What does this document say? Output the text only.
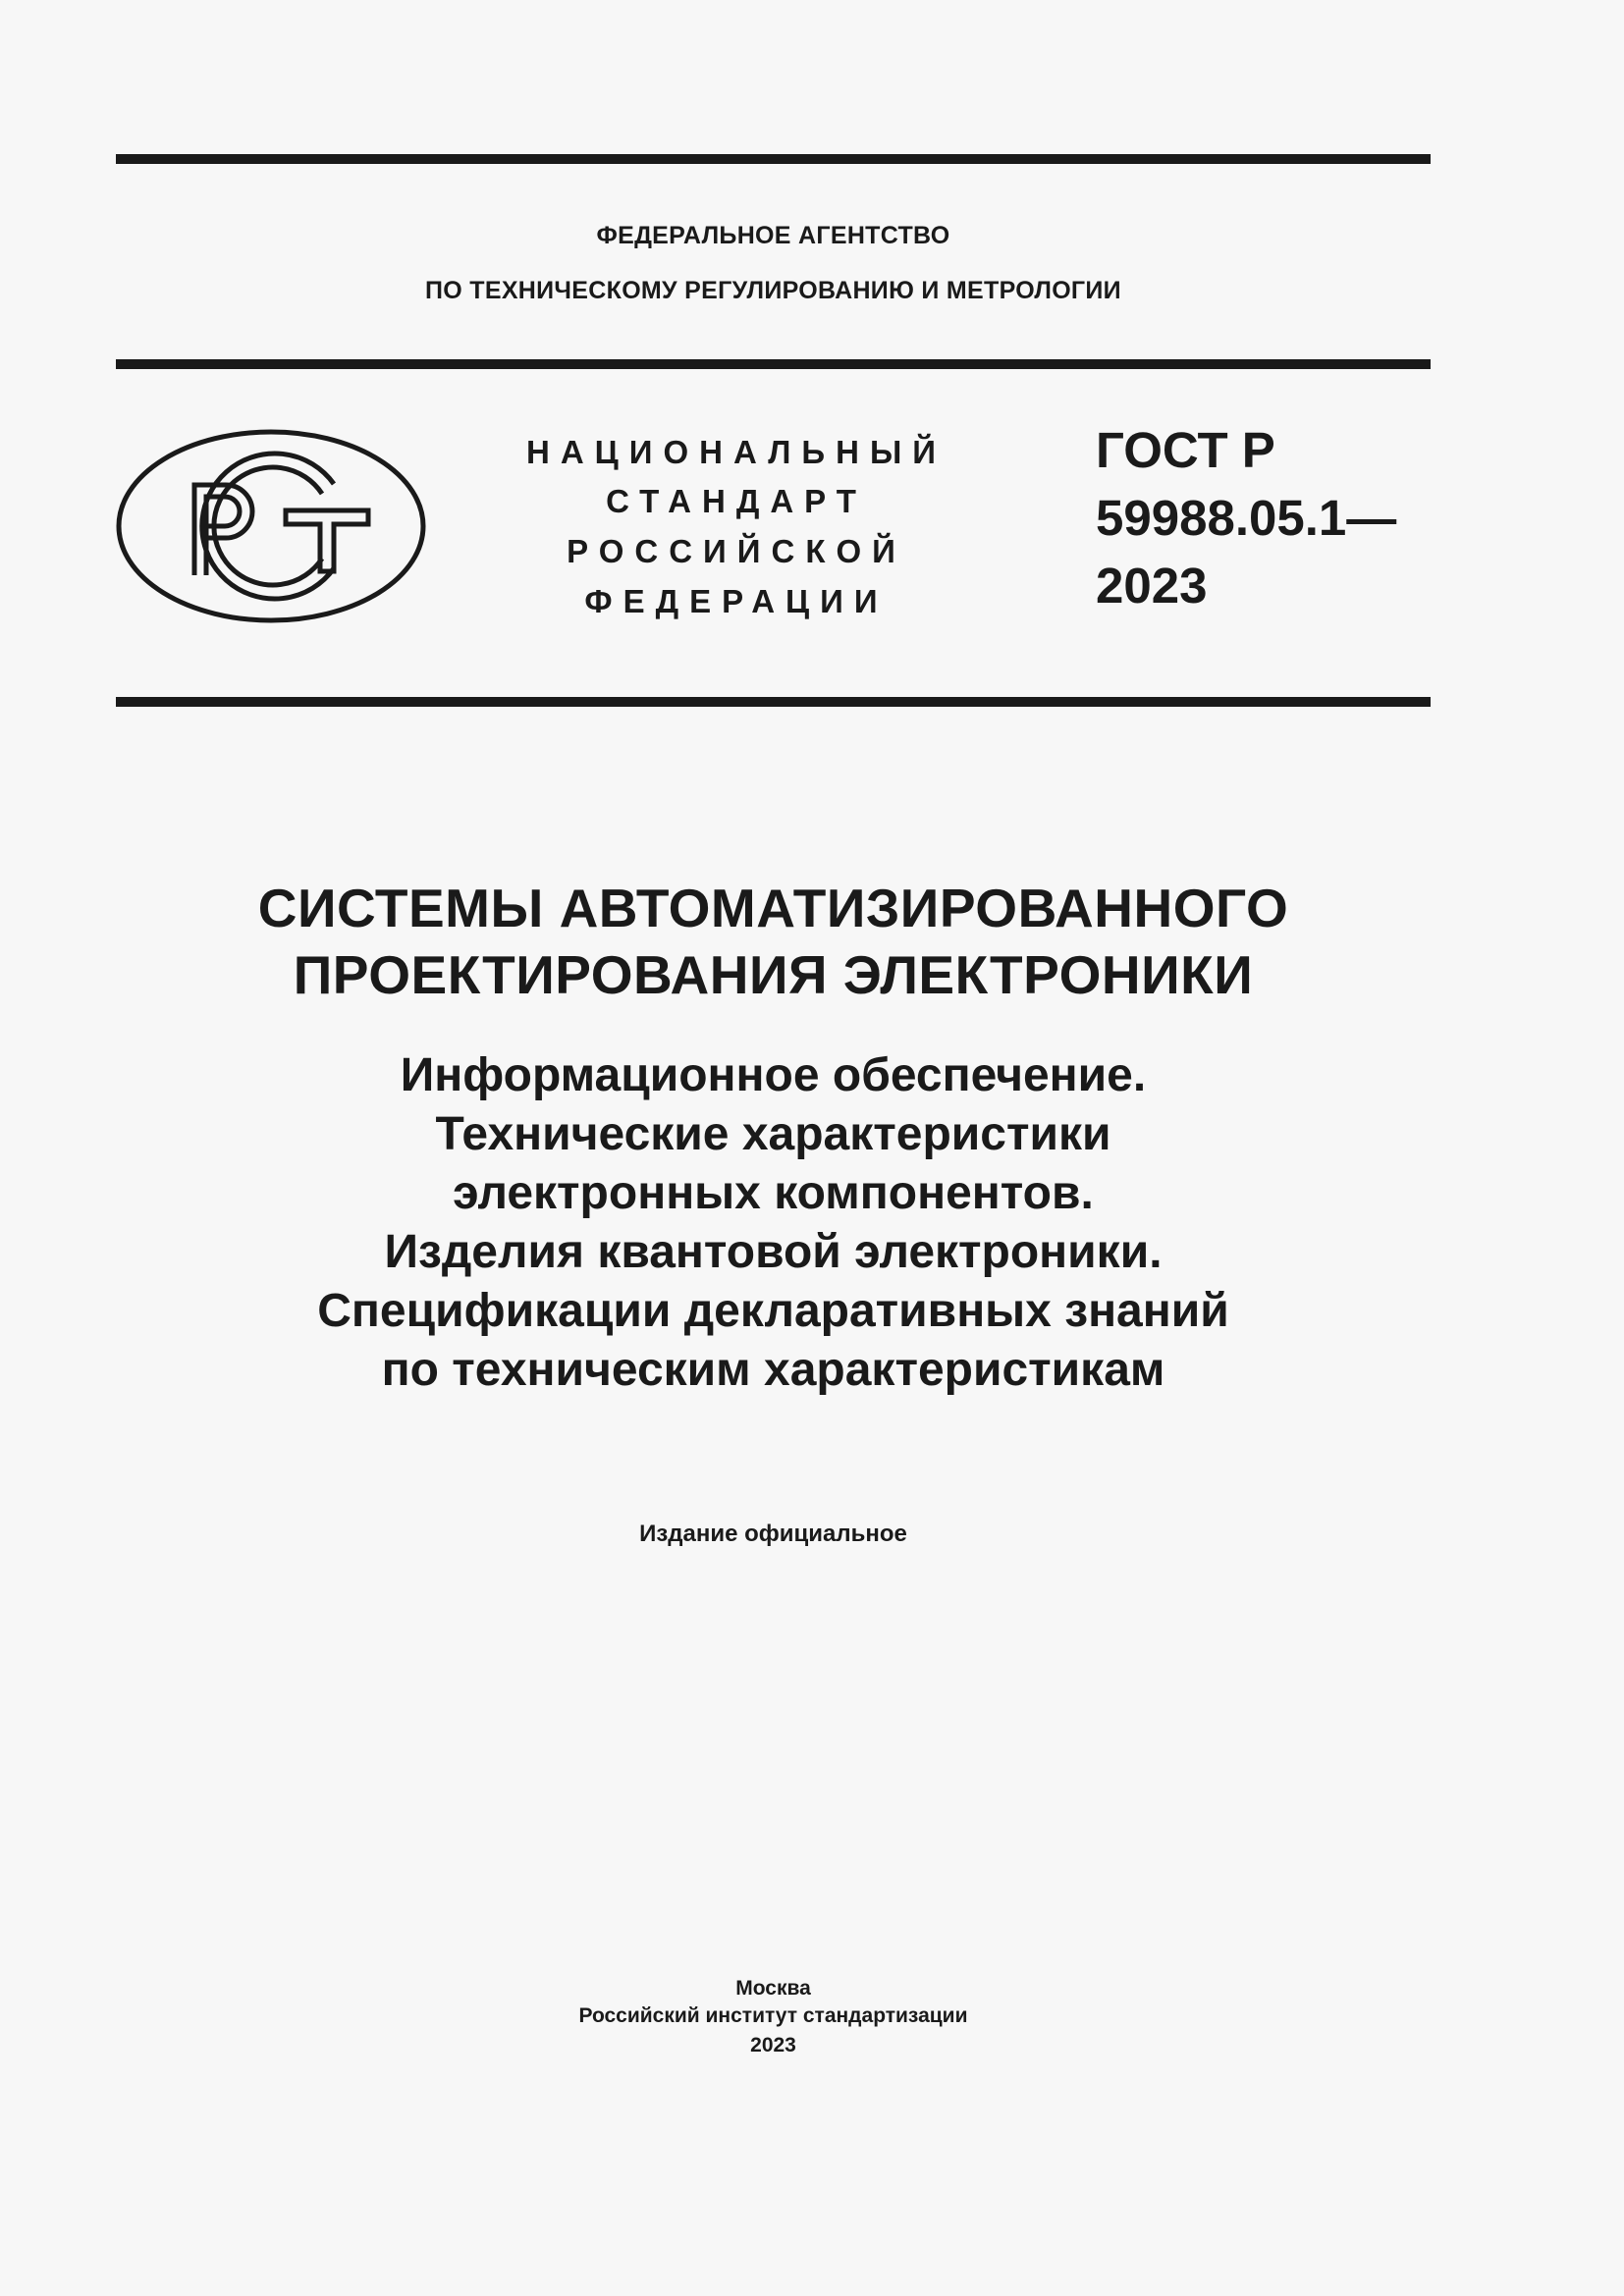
ФЕДЕРАЛЬНОЕ АГЕНТСТВО
ПО ТЕХНИЧЕСКОМУ РЕГУЛИРОВАНИЮ И МЕТРОЛОГИИ
НАЦИОНАЛЬНЫЙ
СТАНДАРТ
РОССИЙСКОЙ
ФЕДЕРАЦИИ
ГОСТ Р
59988.05.1—
2023
СИСТЕМЫ АВТОМАТИЗИРОВАННОГО
ПРОЕКТИРОВАНИЯ ЭЛЕКТРОНИКИ
Информационное обеспечение.
Технические характеристики
электронных компонентов.
Изделия квантовой электроники.
Спецификации декларативных знаний
по техническим характеристикам
Издание официальное
Москва
Российский институт стандартизации
2023
